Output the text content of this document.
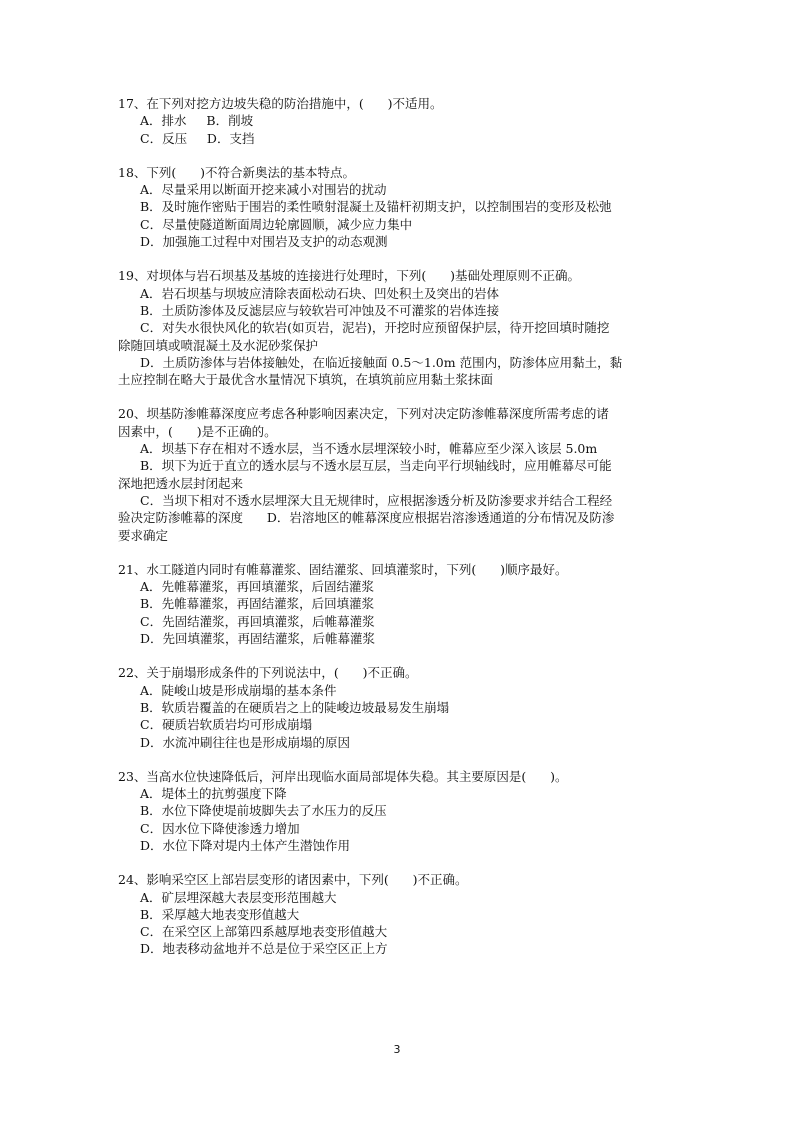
17、在下列对挖方边坡失稳的防治措施中，(      )不适用。

A．排水     B．削坡

C．反压     D．支挡

18、下列(      )不符合新奥法的基本特点。

A．尽量采用以断面开挖来减小对围岩的扰动

B．及时施作密贴于围岩的柔性喷射混凝土及锚杆初期支护，以控制围岩的变形及松弛

C．尽量使隧道断面周边轮廓圆顺，减少应力集中

D．加强施工过程中对围岩及支护的动态观测

19、对坝体与岩石坝基及基坡的连接进行处理时，下列(      )基础处理原则不正确。

A．岩石坝基与坝坡应清除表面松动石块、凹处积土及突出的岩体

B．土质防渗体及反滤层应与较软岩可冲蚀及不可灌浆的岩体连接

C．对失水很快风化的软岩(如页岩，泥岩)，开挖时应预留保护层，待开挖回填时随挖

除随回填或喷混凝土及水泥砂浆保护

D．土质防渗体与岩体接触处，在临近接触面 0.5～1.0m 范围内，防渗体应用黏土，黏

土应控制在略大于最优含水量情况下填筑，在填筑前应用黏土浆抹面

20、坝基防渗帷幕深度应考虑各种影响因素决定，下列对决定防渗帷幕深度所需考虑的诸

因素中，(      )是不正确的。

A．坝基下存在相对不透水层，当不透水层埋深较小时，帷幕应至少深入该层 5.0m

B．坝下为近于直立的透水层与不透水层互层，当走向平行坝轴线时，应用帷幕尽可能

深地把透水层封闭起来

C．当坝下相对不透水层埋深大且无规律时，应根据渗透分析及防渗要求并结合工程经

验决定防渗帷幕的深度      D．岩溶地区的帷幕深度应根据岩溶渗透通道的分布情况及防渗

要求确定

21、水工隧道内同时有帷幕灌浆、固结灌浆、回填灌浆时，下列(      )顺序最好。

A．先帷幕灌浆，再回填灌浆，后固结灌浆

B．先帷幕灌浆，再固结灌浆，后回填灌浆

C．先固结灌浆，再回填灌浆，后帷幕灌浆

D．先回填灌浆，再固结灌浆，后帷幕灌浆

22、关于崩塌形成条件的下列说法中，(      )不正确。

A．陡峻山坡是形成崩塌的基本条件

B．软质岩覆盖的在硬质岩之上的陡峻边坡最易发生崩塌

C．硬质岩软质岩均可形成崩塌

D．水流冲刷往往也是形成崩塌的原因

23、当高水位快速降低后，河岸出现临水面局部堤体失稳。其主要原因是(      )。

A．堤体土的抗剪强度下降

B．水位下降使堤前坡脚失去了水压力的反压

C．因水位下降使渗透力增加

D．水位下降对堤内土体产生潜蚀作用

24、影响采空区上部岩层变形的诸因素中，下列(      )不正确。

A．矿层埋深越大表层变形范围越大

B．采厚越大地表变形值越大

C．在采空区上部第四系越厚地表变形值越大

D．地表移动盆地并不总是位于采空区正上方

3
